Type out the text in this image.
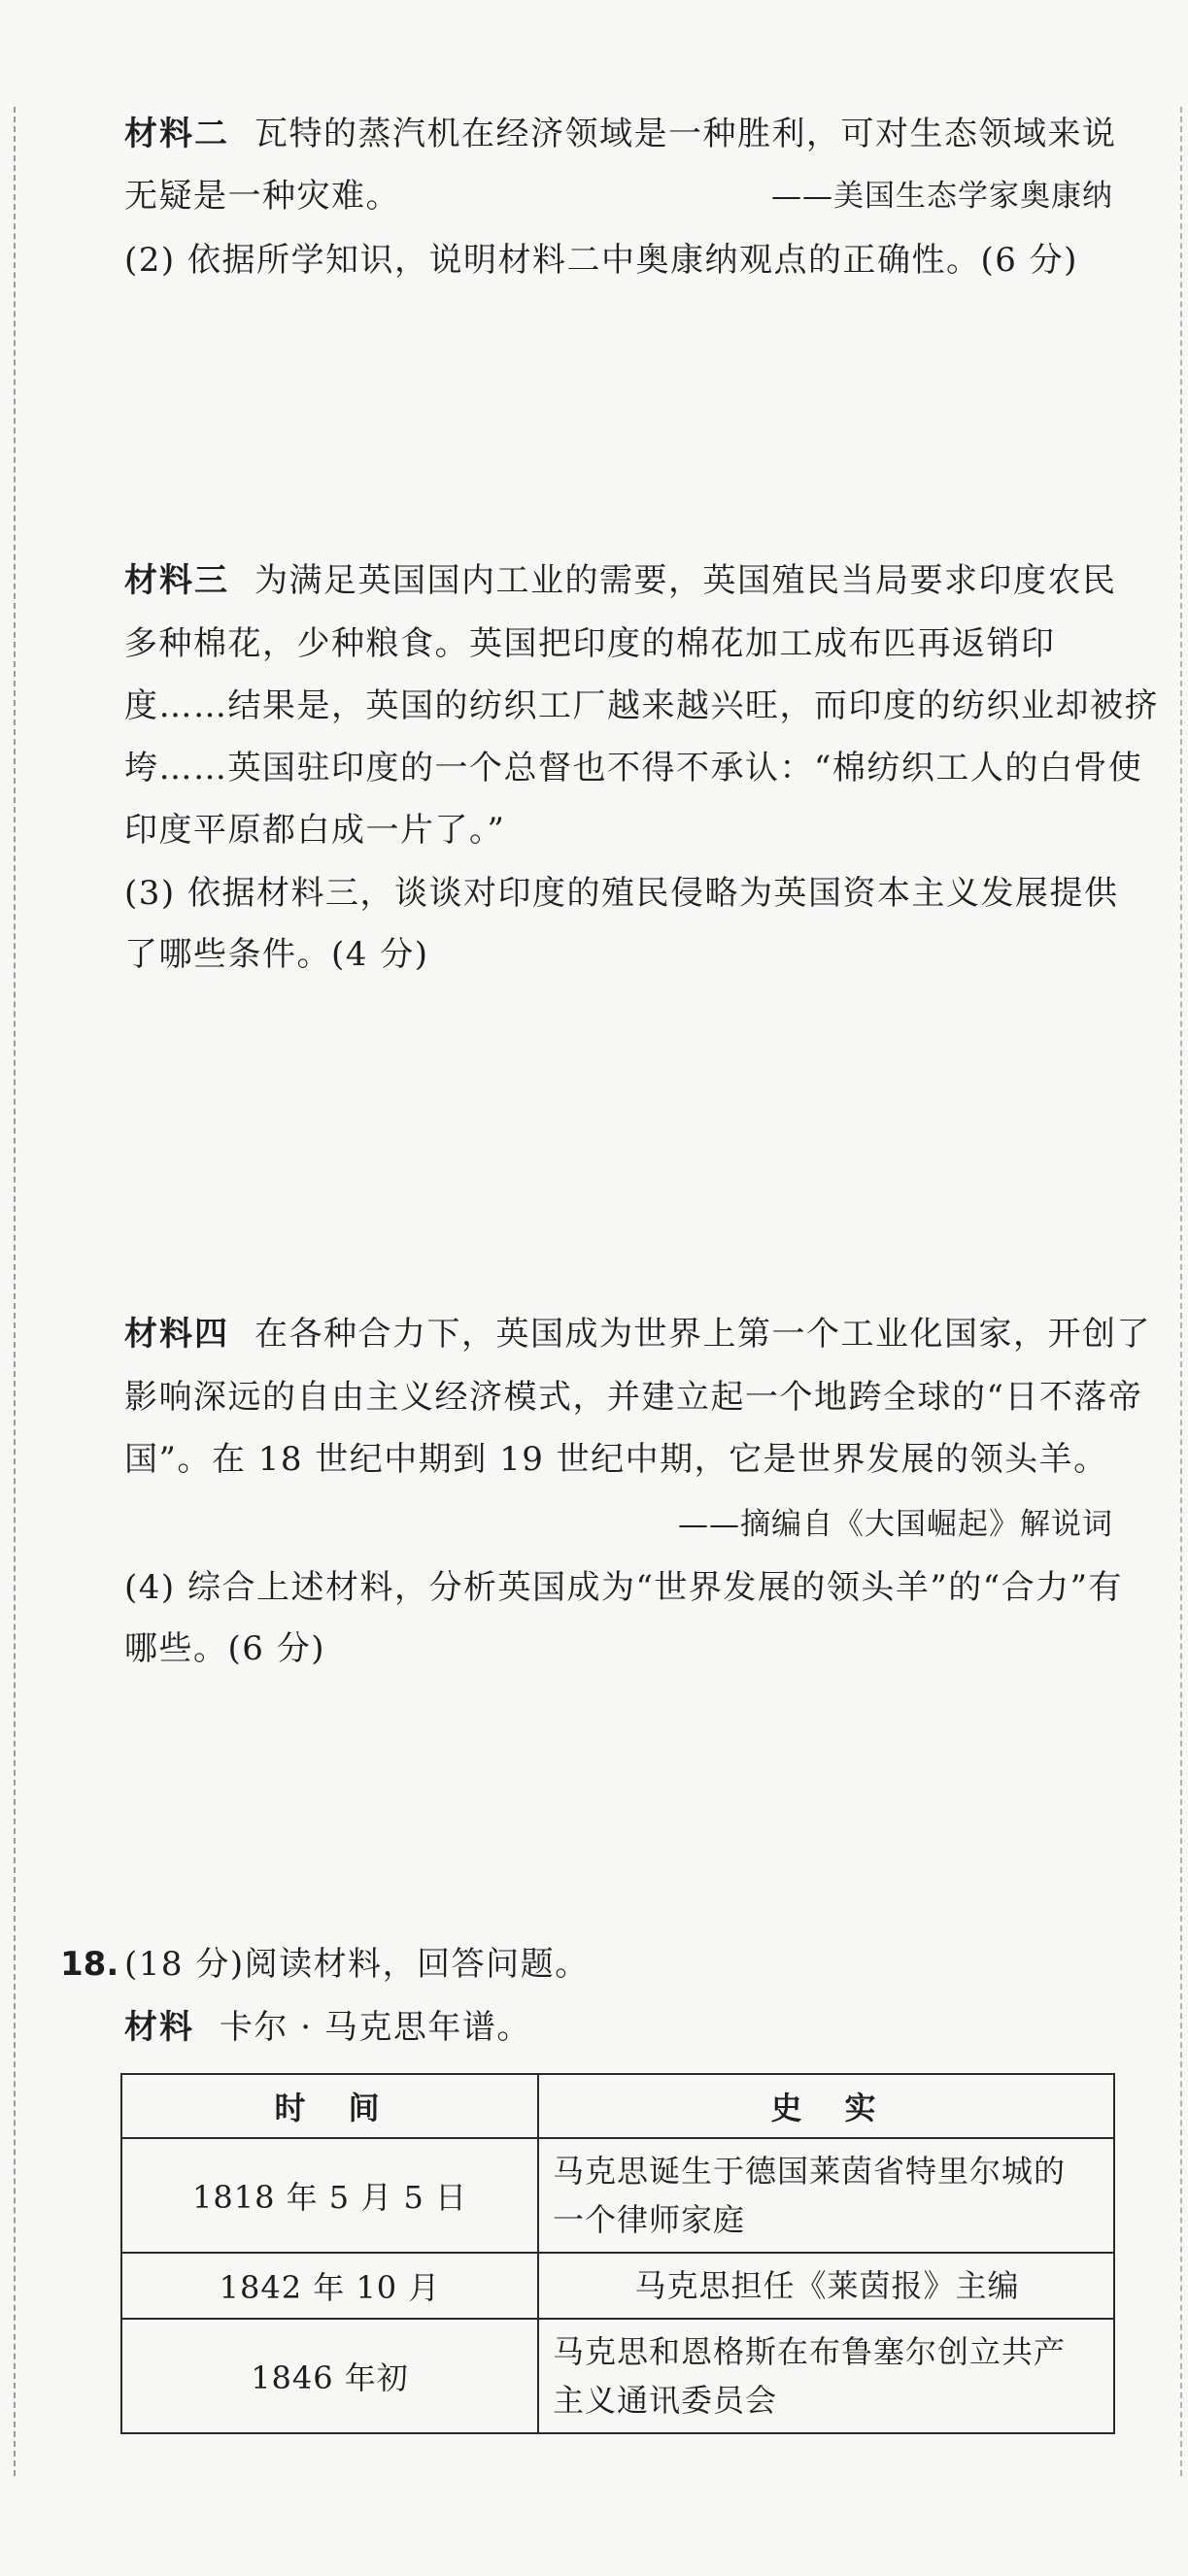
材料二 瓦特的蒸汽机在经济领域是一种胜利，可对生态领域来说
无疑是一种灾难。	——美国生态学家奥康纳
(2) 依据所学知识，说明材料二中奥康纳观点的正确性。(6 分)
材料三 为满足英国国内工业的需要，英国殖民当局要求印度农民
多种棉花，少种粮食。英国把印度的棉花加工成布匹再返销印
度……结果是，英国的纺织工厂越来越兴旺，而印度的纺织业却被挤
垮……英国驻印度的一个总督也不得不承认：“棉纺织工人的白骨使
印度平原都白成一片了。”
(3) 依据材料三，谈谈对印度的殖民侵略为英国资本主义发展提供
了哪些条件。(4 分)
材料四 在各种合力下，英国成为世界上第一个工业化国家，开创了
影响深远的自由主义经济模式，并建立起一个地跨全球的“日不落帝
国”。在 18 世纪中期到 19 世纪中期，它是世界发展的领头羊。
——摘编自《大国崛起》解说词
(4) 综合上述材料，分析英国成为“世界发展的领头羊”的“合力”有
哪些。(6 分)
18. (18 分)阅读材料，回答问题。
材料 卡尔 · 马克思年谱。
时　间	史　实
1818 年 5 月 5 日	马克思诞生于德国莱茵省特里尔城的
一个律师家庭

1842 年 10 月	马克思担任《莱茵报》主编
1846 年初	马克思和恩格斯在布鲁塞尔创立共产
主义通讯委员会
